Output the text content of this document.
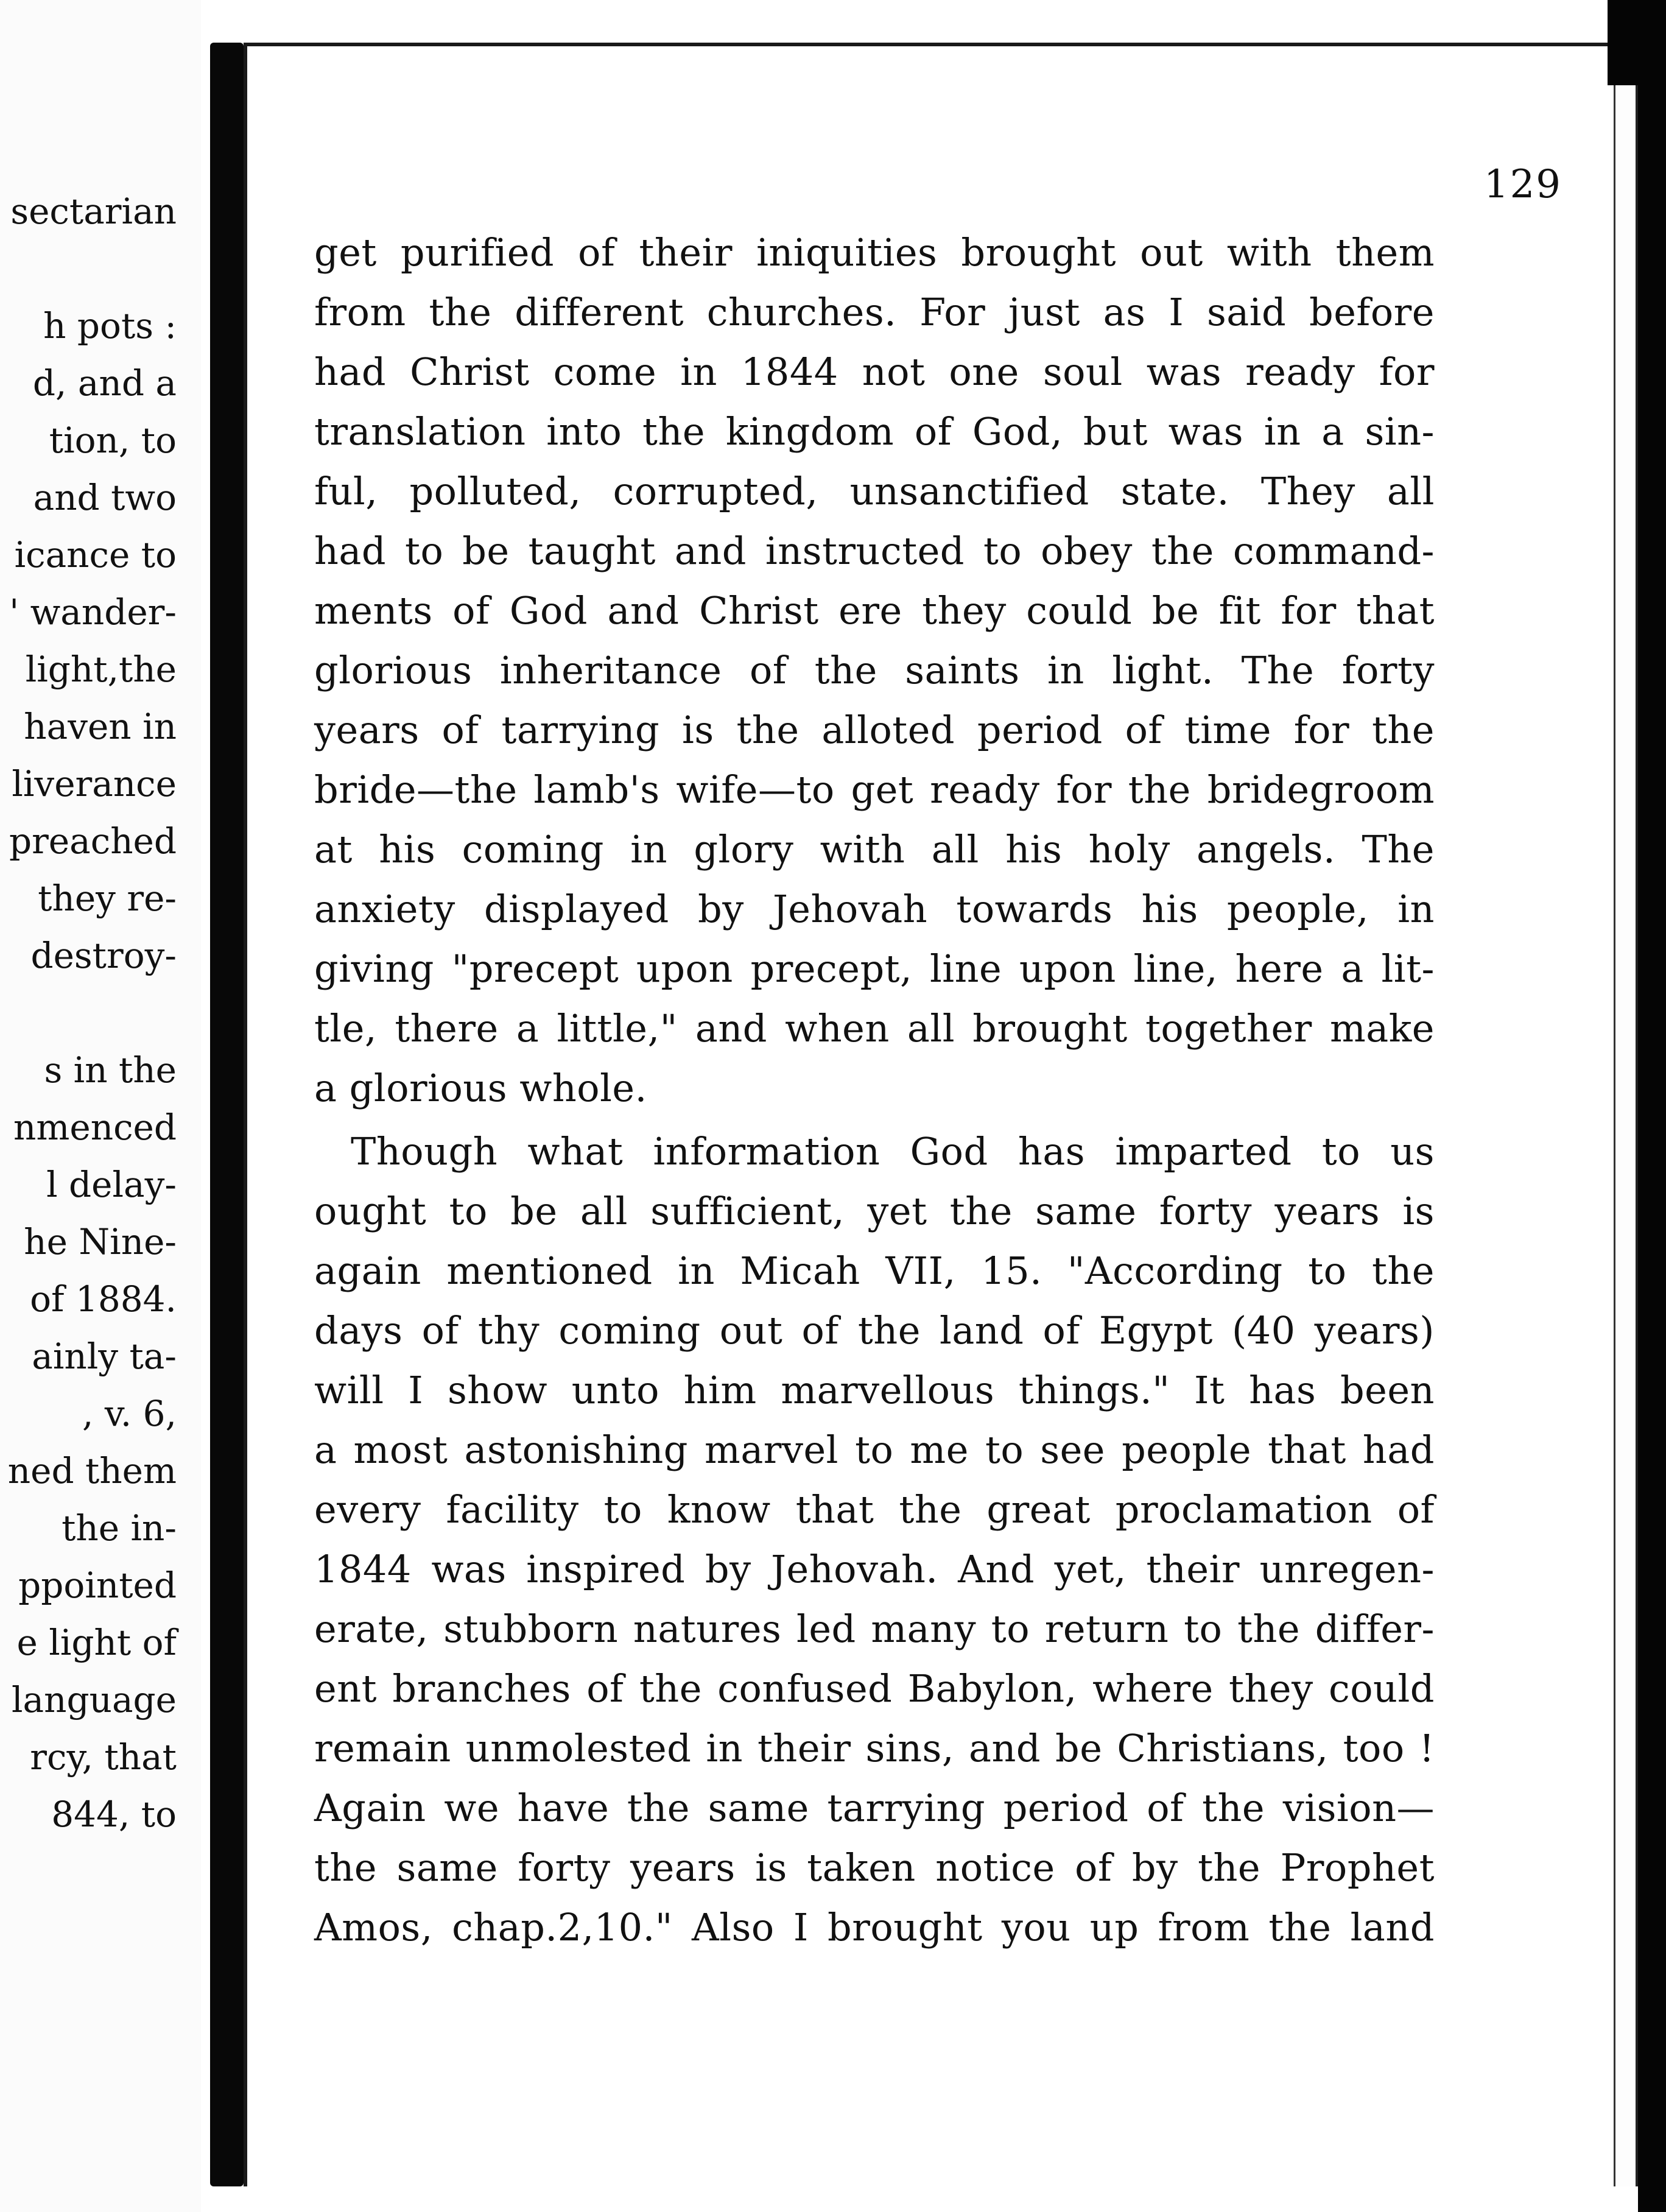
sectarian

h pots :
d, and a
tion, to
and two
icance to
' wander-
light,the
haven in
liverance
preached
they re-
destroy-

s in the
nmenced
l delay-
he Nine-
of 1884.
ainly ta-
, v. 6,
ned them
the in-
ppointed
e light of
language
rcy, that
844, to
129
get purified of their iniquities brought out with them
from the different churches. For just as I said before
had Christ come in 1844 not one soul was ready for
translation into the kingdom of God, but was in a sin-
ful, polluted, corrupted, unsanctified state. They all
had to be taught and instructed to obey the command-
ments of God and Christ ere they could be fit for that
glorious inheritance of the saints in light. The forty
years of tarrying is the alloted period of time for the
bride—the lamb's wife—to get ready for the bridegroom
at his coming in glory with all his holy angels. The
anxiety displayed by Jehovah towards his people, in
giving "precept upon precept, line upon line, here a lit-
tle, there a little," and when all brought together make
a glorious whole.
Though what information God has imparted to us
ought to be all sufficient, yet the same forty years is
again mentioned in Micah VII, 15. "According to the
days of thy coming out of the land of Egypt (40 years)
will I show unto him marvellous things." It has been
a most astonishing marvel to me to see people that had
every facility to know that the great proclamation of
1844 was inspired by Jehovah. And yet, their unregen-
erate, stubborn natures led many to return to the differ-
ent branches of the confused Babylon, where they could
remain unmolested in their sins, and be Christians, too !
Again we have the same tarrying period of the vision—
the same forty years is taken notice of by the Prophet
Amos, chap.2,10." Also I brought you up from the land
